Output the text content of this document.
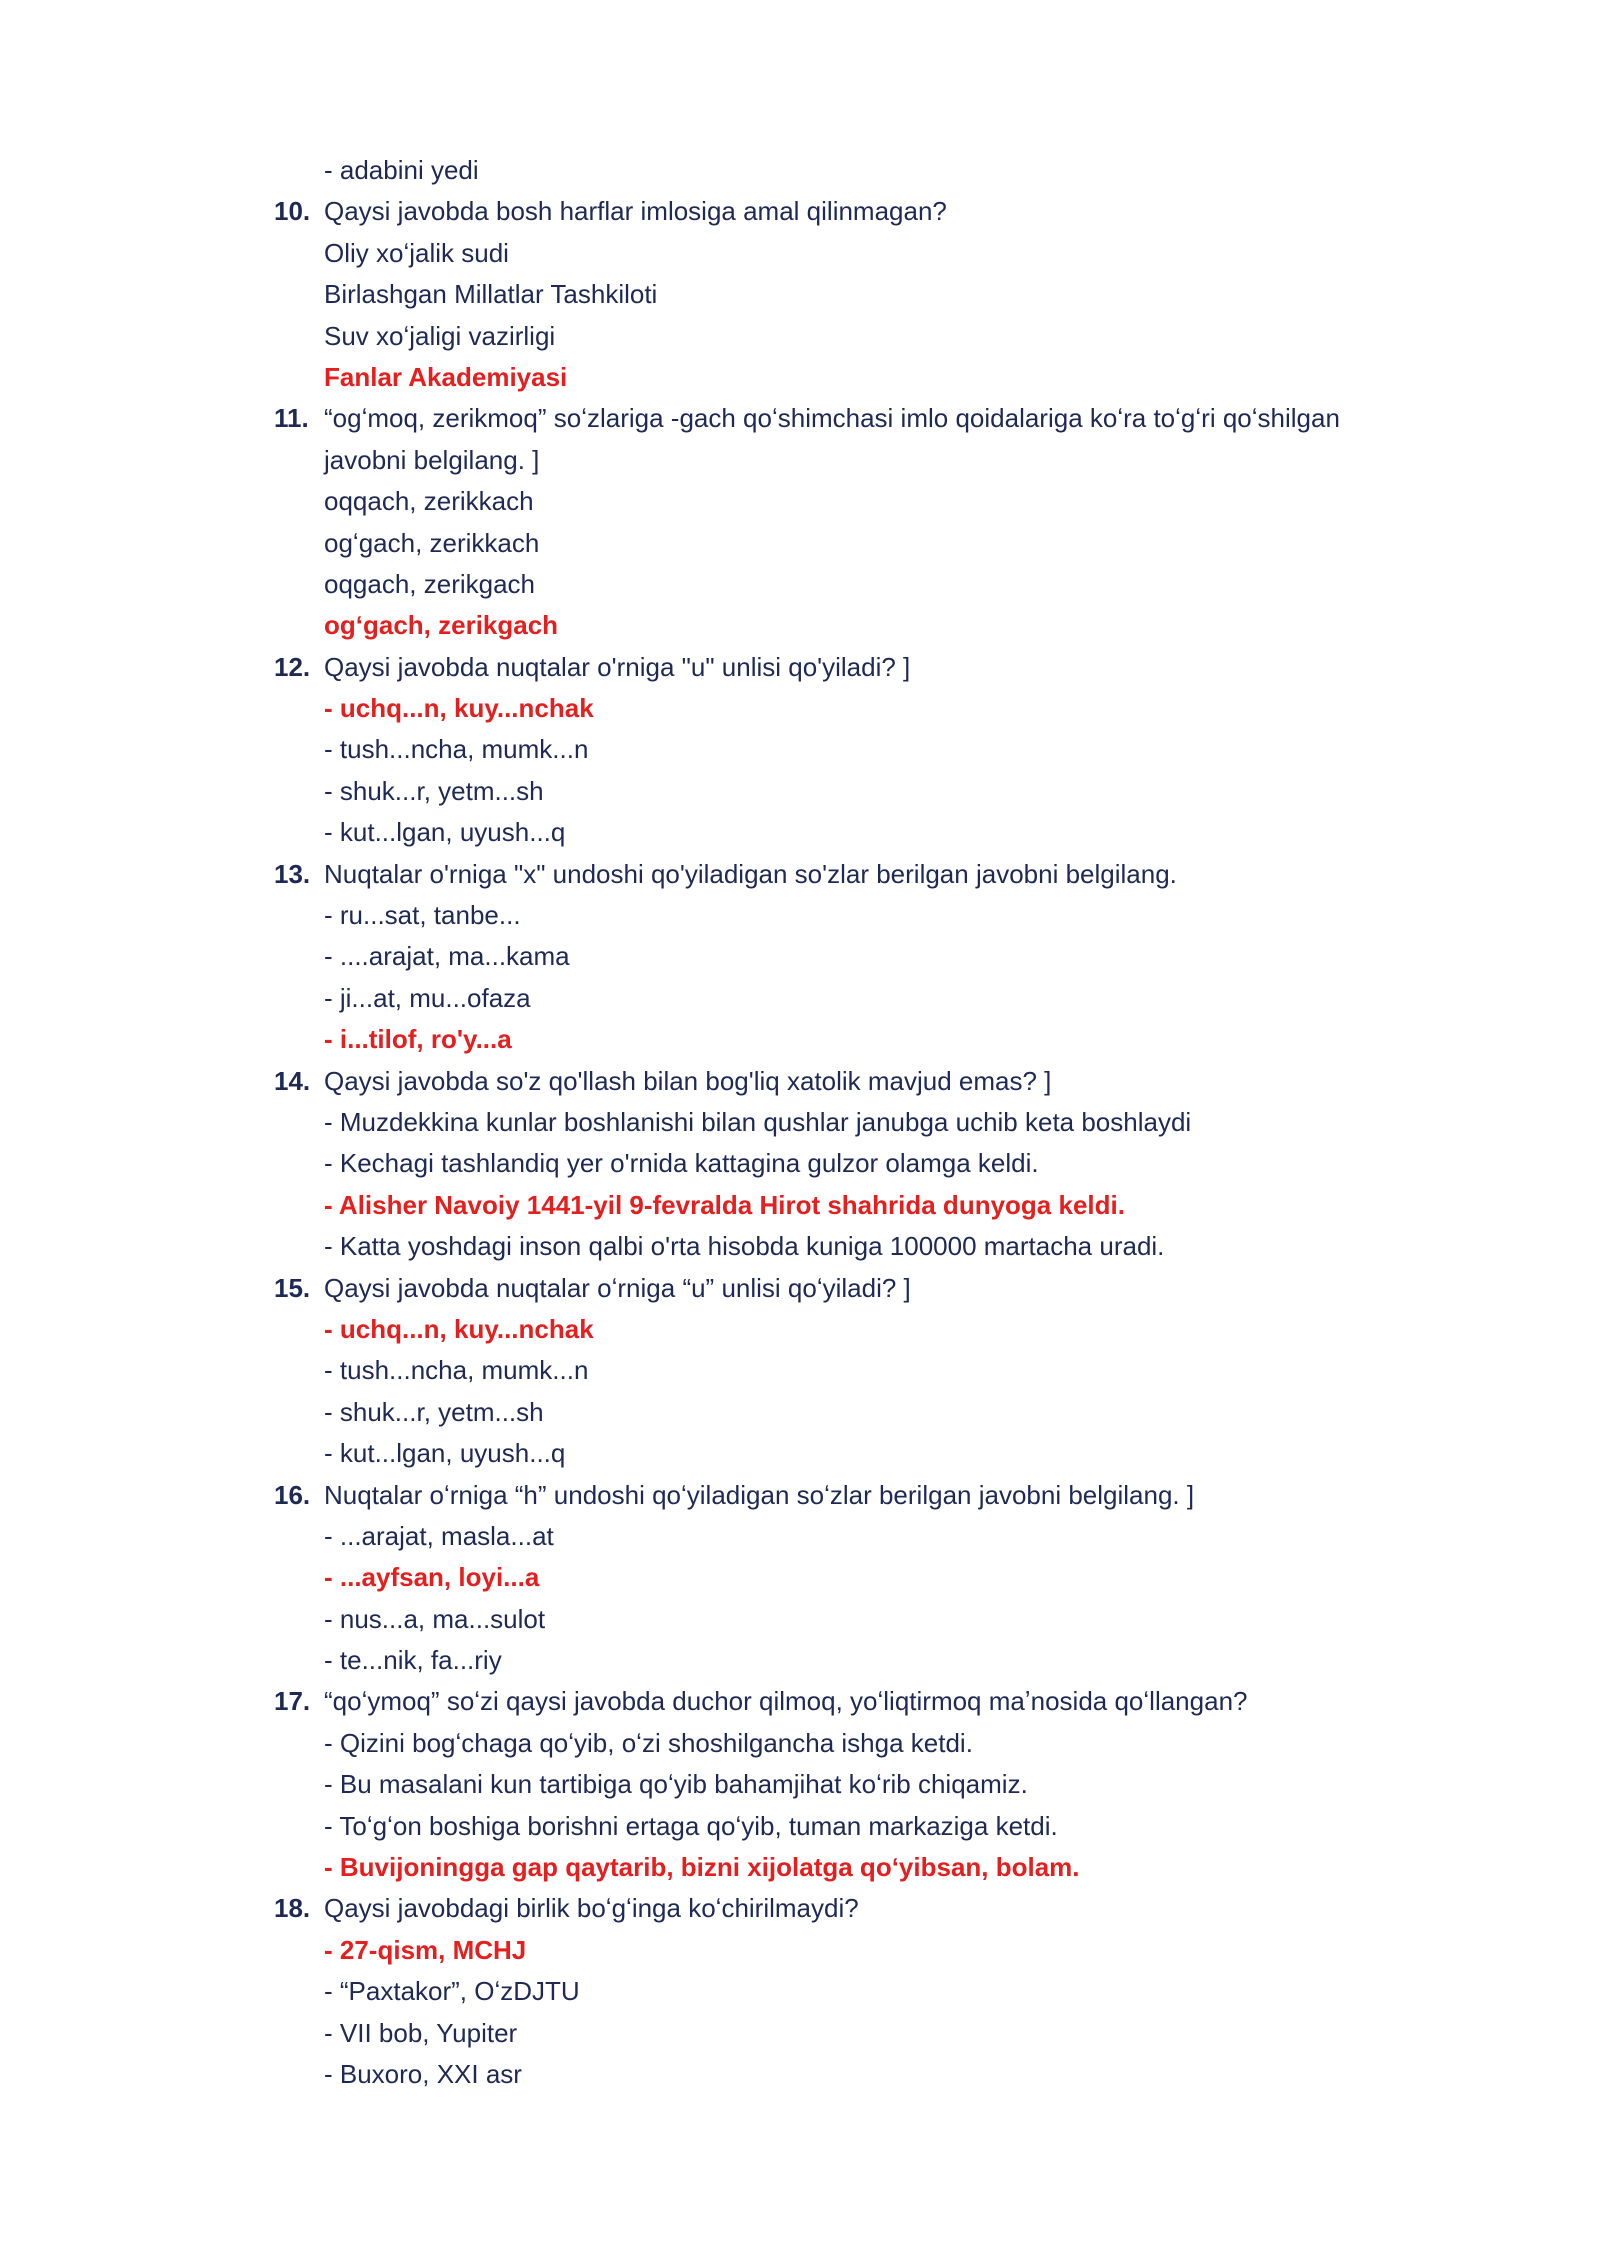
- adabini yedi
10. Qaysi javobda bosh harflar imlosiga amal qilinmagan?
Oliy xoʻjalik sudi
Birlashgan Millatlar Tashkiloti
Suv xoʻjaligi vazirligi
Fanlar Akademiyasi
11. “ogʻmoq, zerikmoq” soʻzlariga -gach qoʻshimchasi imlo qoidalariga koʻra toʻgʻri qoʻshilgan
javobni belgilang. ]
oqqach, zerikkach
ogʻgach, zerikkach
oqgach, zerikgach
ogʻgach, zerikgach
12. Qaysi javobda nuqtalar o'rniga "u" unlisi qo'yiladi? ]
- uchq...n, kuy...nchak
- tush...ncha, mumk...n
- shuk...r, yetm...sh
- kut...lgan, uyush...q
13. Nuqtalar o'rniga "x" undoshi qo'yiladigan so'zlar berilgan javobni belgilang.
- ru...sat, tanbe...
- ....arajat, ma...kama
- ji...at, mu...ofaza
- i...tilof, ro'y...a
14. Qaysi javobda so'z qo'llash bilan bog'liq xatolik mavjud emas? ]
- Muzdekkina kunlar boshlanishi bilan qushlar janubga uchib keta boshlaydi
- Kechagi tashlandiq yer o'rnida kattagina gulzor olamga keldi.
- Alisher Navoiy 1441-yil 9-fevralda Hirot shahrida dunyoga keldi.
- Katta yoshdagi inson qalbi o'rta hisobda kuniga 100000 martacha uradi.
15. Qaysi javobda nuqtalar oʻrniga “u” unlisi qoʻyiladi? ]
- uchq...n, kuy...nchak
- tush...ncha, mumk...n
- shuk...r, yetm...sh
- kut...lgan, uyush...q
16. Nuqtalar oʻrniga “h” undoshi qoʻyiladigan soʻzlar berilgan javobni belgilang. ]
- ...arajat, masla...at
- ...ayfsan, loyi...a
- nus...a, ma...sulot
- te...nik, fa...riy
17. “qoʻymoq” soʻzi qaysi javobda duchor qilmoq, yoʻliqtirmoq maʼnosida qoʻllangan?
- Qizini bogʻchaga qoʻyib, oʻzi shoshilgancha ishga ketdi.
- Bu masalani kun tartibiga qoʻyib bahamjihat koʻrib chiqamiz.
- Toʻgʻon boshiga borishni ertaga qoʻyib, tuman markaziga ketdi.
- Buvijoningga gap qaytarib, bizni xijolatga qoʻyibsan, bolam.
18. Qaysi javobdagi birlik boʻgʻinga koʻchirilmaydi?
- 27-qism, MCHJ
- “Paxtakor”, OʻzDJTU
- VII bob, Yupiter
- Buxoro, XXI asr
